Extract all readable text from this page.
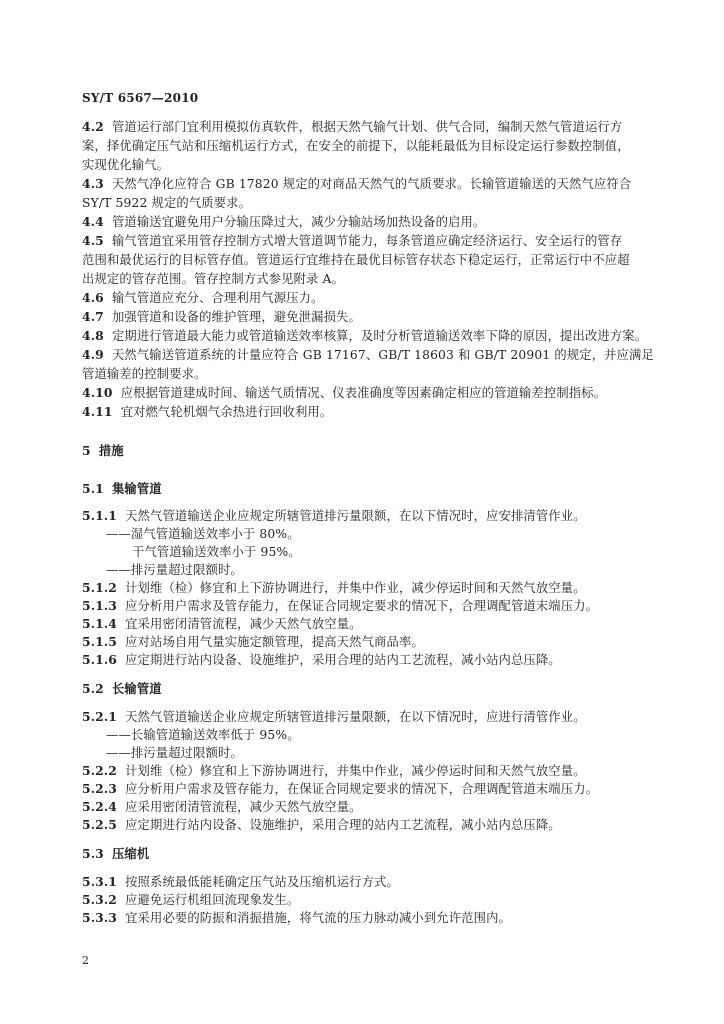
SY/T 6567—2010
4.2 管道运行部门宜利用模拟仿真软件，根据天然气输气计划、供气合同，编制天然气管道运行方
案，择优确定压气站和压缩机运行方式，在安全的前提下，以能耗最低为目标设定运行参数控制值，
实现优化输气。
4.3 天然气净化应符合 GB 17820 规定的对商品天然气的气质要求。长输管道输送的天然气应符合
SY/T 5922 规定的气质要求。
4.4 管道输送宜避免用户分输压降过大，减少分输站场加热设备的启用。
4.5 输气管道宜采用管存控制方式增大管道调节能力，每条管道应确定经济运行、安全运行的管存
范围和最优运行的目标管存值。管道运行宜维持在最优目标管存状态下稳定运行，正常运行中不应超
出规定的管存范围。管存控制方式参见附录 A。
4.6 输气管道应充分、合理利用气源压力。
4.7 加强管道和设备的维护管理，避免泄漏损失。
4.8 定期进行管道最大能力或管道输送效率核算，及时分析管道输送效率下降的原因，提出改进方案。
4.9 天然气输送管道系统的计量应符合 GB 17167、GB/T 18603 和 GB/T 20901 的规定，并应满足
管道输差的控制要求。
4.10 应根据管道建成时间、输送气质情况、仪表准确度等因素确定相应的管道输差控制指标。
4.11 宜对燃气轮机烟气余热进行回收利用。
5 措施
5.1 集输管道
5.1.1 天然气管道输送企业应规定所辖管道排污量限额，在以下情况时，应安排清管作业。
——湿气管道输送效率小于 80%。
干气管道输送效率小于 95%。
——排污量超过限额时。
5.1.2 计划维（检）修宜和上下游协调进行，并集中作业，减少停运时间和天然气放空量。
5.1.3 应分析用户需求及管存能力，在保证合同规定要求的情况下，合理调配管道末端压力。
5.1.4 宜采用密闭清管流程，减少天然气放空量。
5.1.5 应对站场自用气量实施定额管理，提高天然气商品率。
5.1.6 应定期进行站内设备、设施维护，采用合理的站内工艺流程，减小站内总压降。
5.2 长输管道
5.2.1 天然气管道输送企业应规定所辖管道排污量限额，在以下情况时，应进行清管作业。
——长输管道输送效率低于 95%。
——排污量超过限额时。
5.2.2 计划维（检）修宜和上下游协调进行，并集中作业，减少停运时间和天然气放空量。
5.2.3 应分析用户需求及管存能力，在保证合同规定要求的情况下，合理调配管道末端压力。
5.2.4 应采用密闭清管流程，减少天然气放空量。
5.2.5 应定期进行站内设备、设施维护，采用合理的站内工艺流程，减小站内总压降。
5.3 压缩机
5.3.1 按照系统最低能耗确定压气站及压缩机运行方式。
5.3.2 应避免运行机组回流现象发生。
5.3.3 宜采用必要的防振和消振措施，将气流的压力脉动减小到允许范围内。
2
